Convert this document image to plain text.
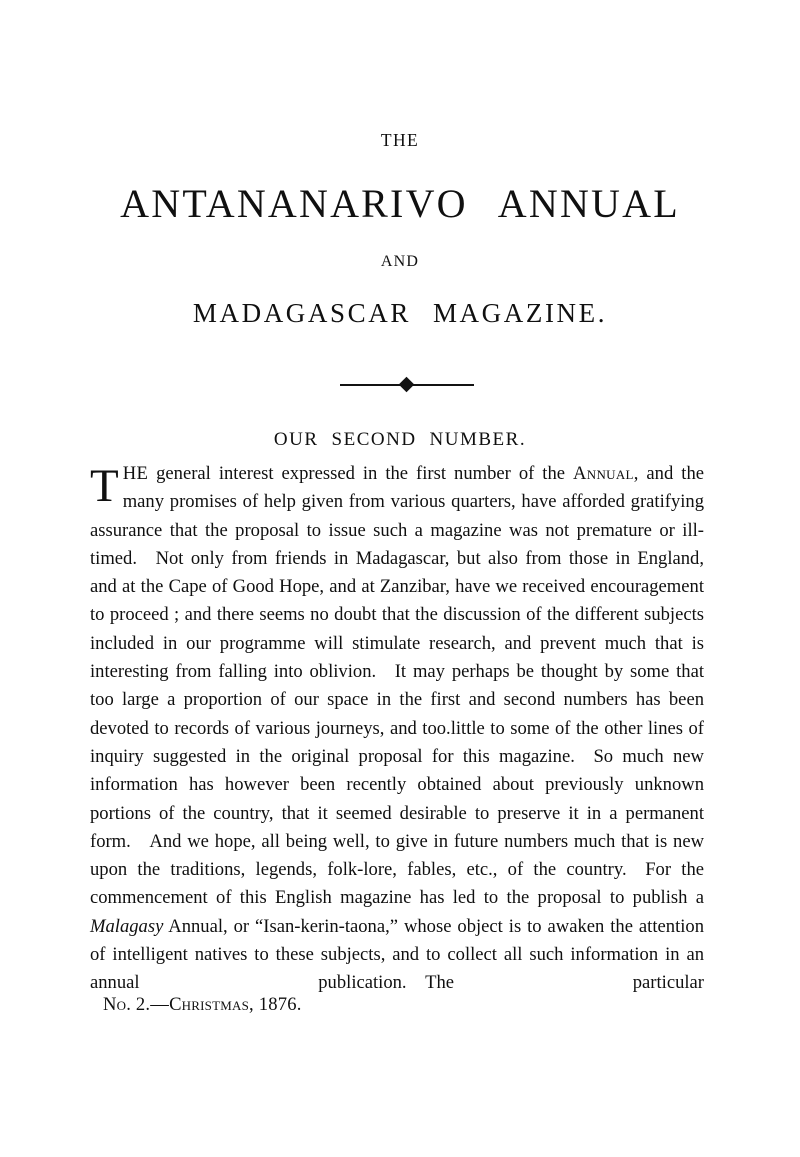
THE
ANTANANARIVO ANNUAL
AND
MADAGASCAR MAGAZINE.
OUR SECOND NUMBER.

THE general interest expressed in the first number of the Annual, and the many promises of help given from various quarters, have afforded gratifying assurance that the proposal to issue such a magazine was not premature or ill-timed. Not only from friends in Madagascar, but also from those in England, and at the Cape of Good Hope, and at Zanzibar, have we received encouragement to proceed ; and there seems no doubt that the discussion of the different subjects included in our programme will stimulate research, and prevent much that is interesting from falling into oblivion. It may perhaps be thought by some that too large a proportion of our space in the first and second numbers has been devoted to records of various journeys, and too.little to some of the other lines of inquiry suggested in the original proposal for this magazine. So much new information has however been recently obtained about previously unknown portions of the country, that it seemed desirable to preserve it in a permanent form. And we hope, all being well, to give in future numbers much that is new upon the traditions, legends, folk-lore, fables, etc., of the country. For the commencement of this English magazine has led to the proposal to publish a Malagasy Annual, or “Isan-kerin-taona,” whose object is to awaken the attention of intelligent natives to these subjects, and to collect all such information in an annual publication. The particular

No. 2.—Christmas, 1876.
